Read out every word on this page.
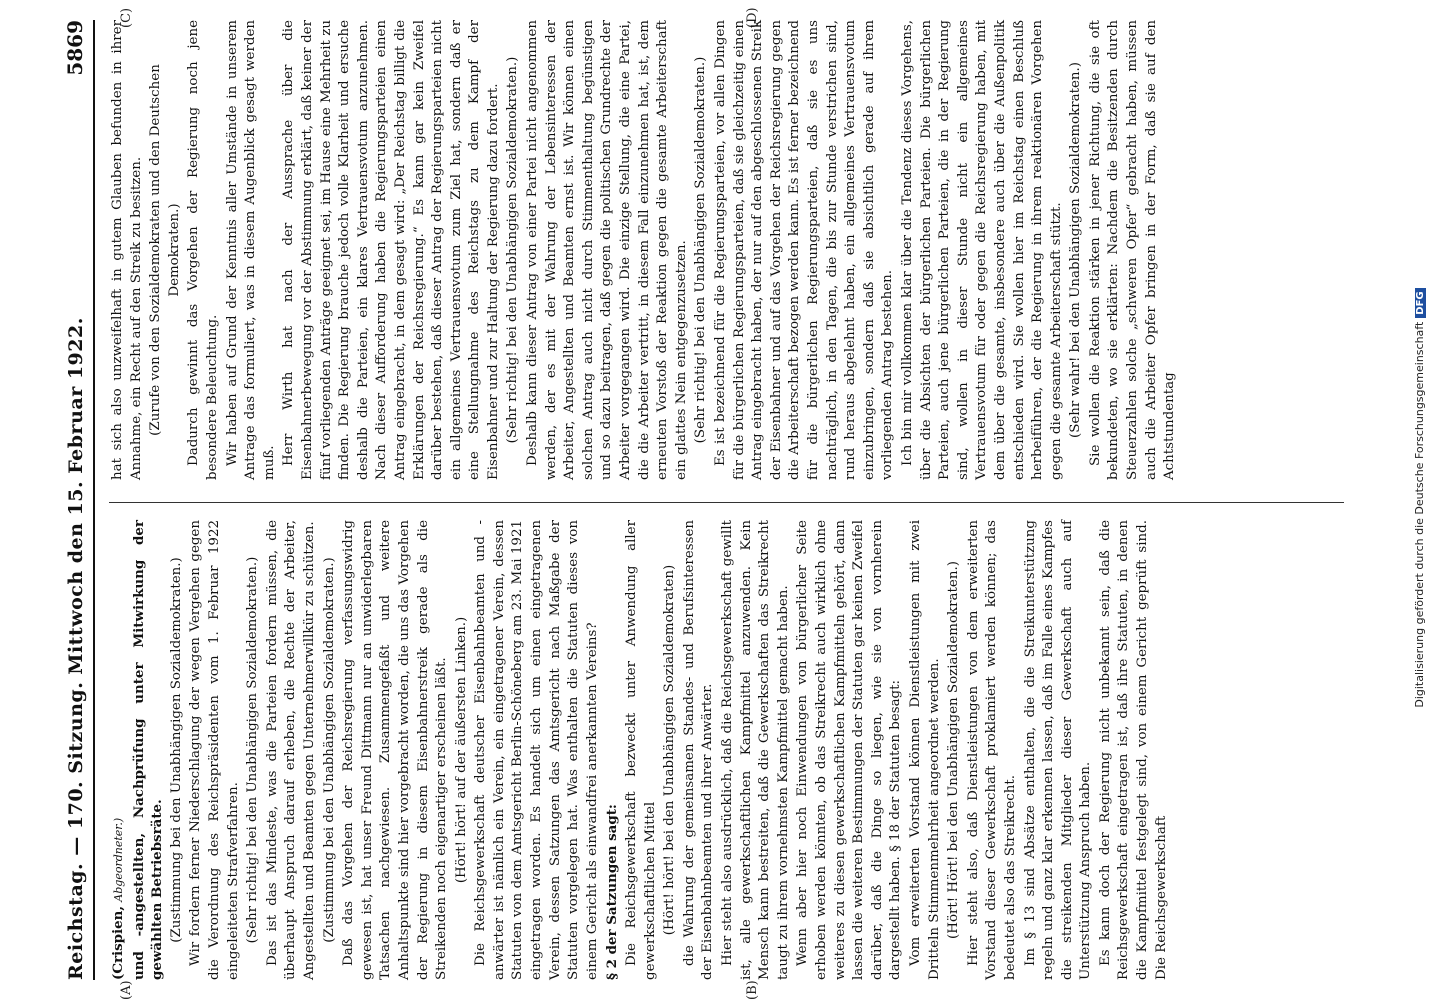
Reichstag. — 170. Sitzung. Mittwoch den 15. Februar 1922.
5869
(A)	(B)
(C)	(D)

(Crispien, Abgeordneter.) und -angestellten, Nachprüfung unter Mitwirkung der gewählten Betriebsräte. (Zustimmung bei den Unabhängigen Sozialdemokraten.) Wir fordern ferner Niederschlagung der wegen Vergehen gegen die Verordnung des Reichspräsidenten vom 1. Februar 1922 eingeleiteten Strafverfahren. (Sehr richtig! bei den Unabhängigen Sozialdemokraten.) Das ist das Mindeste, was die Parteien fordern müssen, die überhaupt Anspruch darauf erheben, die Rechte der Arbeiter, Angestellten und Beamten gegen Unternehmerwillkür zu schützen. (Zustimmung bei den Unabhängigen Sozialdemokraten.) Daß das Vorgehen der Reichsregierung verfassungswidrig gewesen ist, hat unser Freund Dittmann nur an unwiderlegbaren Tatsachen nachgewiesen. Zusammengefaßt und weitere Anhaltspunkte sind hier vorgebracht worden, die uns das Vorgehen der Regierung in diesem Eisenbahnerstreik gerade als die Streikenden noch eigenartiger erscheinen läßt. (Hört! hört! auf der äußersten Linken.) Die Reichsgewerkschaft deutscher Eisenbahnbeamten und -anwärter ist nämlich ein Verein, ein eingetragener Verein, dessen Statuten von dem Amtsgericht Berlin-Schöneberg am 23. Mai 1921 eingetragen worden. Es handelt sich um einen eingetragenen Verein, dessen Satzungen das Amtsgericht nach Maßgabe der Statuten vorgelegen hat. Was enthalten die Statuten dieses von einem Gericht als einwandfrei anerkannten Vereins? § 2 der Satzungen sagt: Die Reichsgewerkschaft bezweckt unter Anwendung aller gewerkschaftlichen Mittel (Hört! hört! bei den Unabhängigen Sozialdemokraten) die Wahrung der gemeinsamen Standes- und Berufsinteressen der Eisenbahnbeamten und ihrer Anwärter. Hier steht also ausdrücklich, daß die Reichsgewerkschaft gewillt ist, alle gewerkschaftlichen Kampfmittel anzuwenden. Kein Mensch kann bestreiten, daß die Gewerkschaften das Streikrecht taugt zu ihrem vornehmsten Kampfmittel gemacht haben. Wenn aber hier noch Einwendungen von bürgerlicher Seite erhoben werden könnten, ob das Streikrecht auch wirklich ohne weiteres zu diesen gewerkschaftlichen Kampfmitteln gehört, dann lassen die weiteren Bestimmungen der Statuten gar keinen Zweifel darüber, daß die Dinge so liegen, wie sie von vornherein dargestellt haben. § 18 der Statuten besagt: Vom erweiterten Vorstand können Dienstleistungen mit zwei Dritteln Stimmenmehrheit angeordnet werden. (Hört! Hört! bei den Unabhängigen Sozialdemokraten.) Hier steht also, daß Dienstleistungen von dem erweiterten Vorstand dieser Gewerkschaft proklamiert werden können; das bedeutet also das Streikrecht. Im § 13 sind Absätze enthalten, die die Streikunterstützung regeln und ganz klar erkennen lassen, daß im Falle eines Kampfes die streikenden Mitglieder dieser Gewerkschaft auch auf Unterstützung Anspruch haben. Es kann doch der Regierung nicht unbekannt sein, daß die Reichsgewerkschaft eingetragen ist, daß ihre Statuten, in denen die Kampfmittel festgelegt sind, von einem Gericht geprüft sind. Die Reichsgewerkschaft

hat sich also unzweifelhaft in gutem Glauben befunden in ihrer Annahme, ein Recht auf den Streik zu besitzen. (Zurufe von den Sozialdemokraten und den Deutschen Demokraten.) Dadurch gewinnt das Vorgehen der Regierung noch jene besondere Beleuchtung. Wir haben auf Grund der Kenntnis aller Umstände in unserem Antrage das formuliert, was in diesem Augenblick gesagt werden muß. Herr Wirth hat nach der Aussprache über die Eisenbahnerbewegung vor der Abstimmung erklärt, daß keiner der fünf vorliegenden Anträge geeignet sei, im Hause eine Mehrheit zu finden. Die Regierung brauche jedoch volle Klarheit und ersuche deshalb die Parteien, ein klares Vertrauensvotum anzunehmen. Nach dieser Aufforderung haben die Regierungsparteien einen Antrag eingebracht, in dem gesagt wird: „Der Reichstag billigt die Erklärungen der Reichsregierung.“ Es kann gar kein Zweifel darüber bestehen, daß dieser Antrag der Regierungsparteien nicht ein allgemeines Vertrauensvotum zum Ziel hat, sondern daß er eine Stellungnahme des Reichstags zu dem Kampf der Eisenbahner und zur Haltung der Regierung dazu fordert. (Sehr richtig! bei den Unabhängigen Sozialdemokraten.) Deshalb kann dieser Antrag von einer Partei nicht angenommen werden, der es mit der Wahrung der Lebensinteressen der Arbeiter, Angestellten und Beamten ernst ist. Wir können einen solchen Antrag auch nicht durch Stimmenthaltung begünstigen und so dazu beitragen, daß gegen die politischen Grundrechte der Arbeiter vorgegangen wird. Die einzige Stellung, die eine Partei, die die Arbeiter vertritt, in diesem Fall einzunehmen hat, ist, dem erneuten Vorstoß der Reaktion gegen die gesamte Arbeiterschaft ein glattes Nein entgegenzusetzen. (Sehr richtig! bei den Unabhängigen Sozialdemokraten.) Es ist bezeichnend für die Regierungsparteien, vor allen Dingen für die bürgerlichen Regierungsparteien, daß sie gleichzeitig einen Antrag eingebracht haben, der nur auf den abgeschlossenen Streik der Eisenbahner und auf das Vorgehen der Reichsregierung gegen die Arbeiterschaft bezogen werden kann. Es ist ferner bezeichnend für die bürgerlichen Regierungsparteien, daß sie es uns nachträglich, in den Tagen, die bis zur Stunde verstrichen sind, rund heraus abgelehnt haben, ein allgemeines Vertrauensvotum einzubringen, sondern daß sie absichtlich gerade auf ihrem vorliegenden Antrag bestehen. Ich bin mir vollkommen klar über die Tendenz dieses Vorgehens, über die Absichten der bürgerlichen Parteien. Die bürgerlichen Parteien, auch jene bürgerlichen Parteien, die in der Regierung sind, wollen in dieser Stunde nicht ein allgemeines Vertrauensvotum für oder gegen die Reichsregierung haben, mit dem über die gesamte, insbesondere auch über die Außenpolitik entschieden wird. Sie wollen hier im Reichstag einen Beschluß herbeiführen, der die Regierung in ihrem reaktionären Vorgehen gegen die gesamte Arbeiterschaft stützt. (Sehr wahr! bei den Unabhängigen Sozialdemokraten.) Sie wollen die Reaktion stärken in jener Richtung, die sie oft bekundeten, wo sie erklärten: Nachdem die Besitzenden durch Steuerzahlen solche „schweren Opfer“ gebracht haben, müssen auch die Arbeiter Opfer bringen in der Form, daß sie auf den Achtstundentag	Digitalisierung gefördert durch die Deutsche ForschungsgemeinschaftDFG
